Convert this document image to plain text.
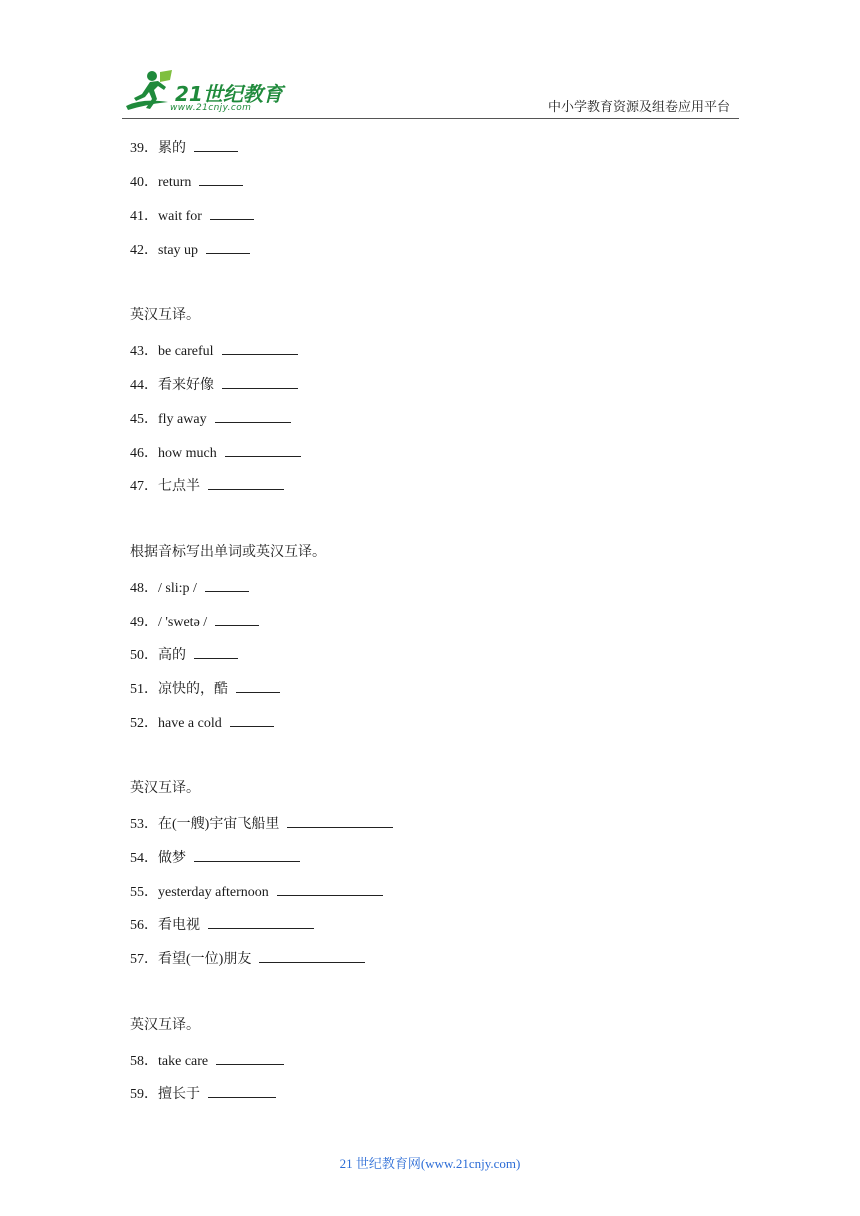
21世纪教育
www.21cnjy.com	中小学教育资源及组卷应用平台
39．累的
40．return
41．wait for
42．stay up
英汉互译。
43．be careful
44．看来好像
45．fly away
46．how much
47．七点半
根据音标写出单词或英汉互译。
48．/ sli:p /
49．/ 'swetə /
50．高的
51．凉快的，酷
52．have a cold
英汉互译。
53．在(一艘)宇宙飞船里
54．做梦
55．yesterday afternoon
56．看电视
57．看望(一位)朋友
英汉互译。
58．take care
59．擅长于
21 世纪教育网(www.21cnjy.com)
